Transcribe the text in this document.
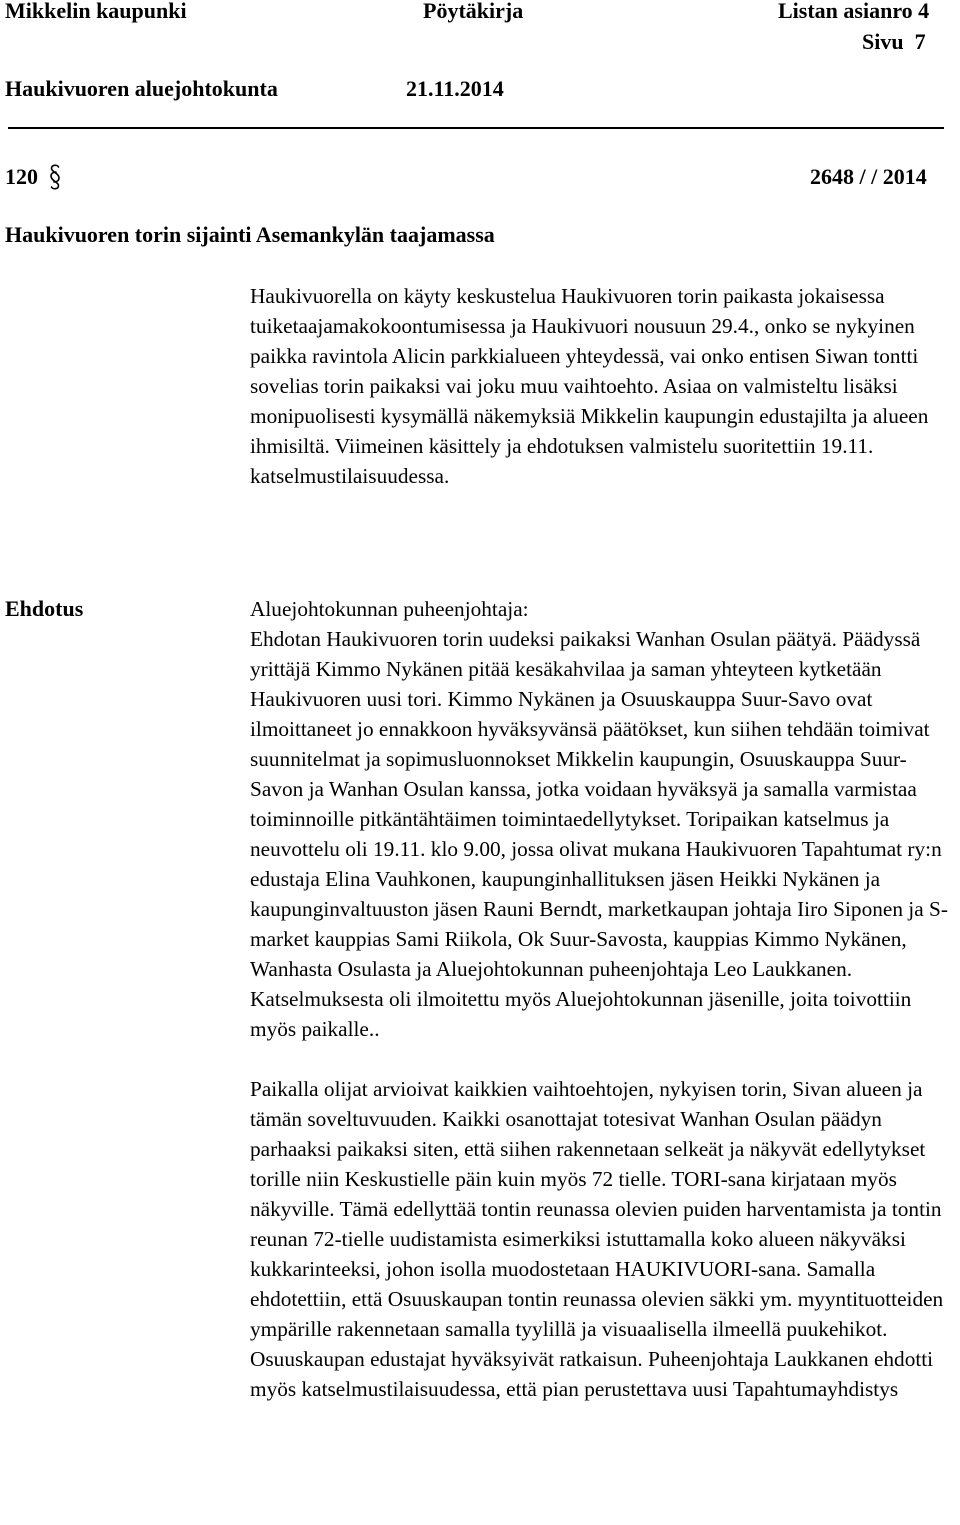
Mikkelin kaupunki	Pöytäkirja	Listan asianro 4
Sivu  7
Haukivuoren aluejohtokunta	21.11.2014
120	2648 / / 2014
Haukivuoren torin sijainti Asemankylän taajamassa

Haukivuorella on käyty keskustelua Haukivuoren torin paikasta jokaisessa tuiketaajamakokoontumisessa ja Haukivuori nousuun 29.4., onko se nykyinen paikka ravintola Alicin parkkialueen yhteydessä, vai onko entisen Siwan tontti sovelias torin paikaksi vai joku muu vaihtoehto. Asiaa on valmisteltu lisäksi monipuolisesti kysymällä näkemyksiä Mikkelin kaupungin edustajilta ja alueen ihmisiltä. Viimeinen käsittely ja ehdotuksen valmistelu suoritettiin 19.11. katselmustilaisuudessa.

Ehdotus	Aluejohtokunnan puheenjohtaja:

Ehdotan Haukivuoren torin uudeksi paikaksi Wanhan Osulan päätyä. Päädyssä yrittäjä Kimmo Nykänen pitää kesäkahvilaa ja saman yhteyteen kytketään Haukivuoren uusi tori. Kimmo Nykänen ja Osuuskauppa Suur-Savo ovat ilmoittaneet jo ennakkoon hyväksyvänsä päätökset, kun siihen tehdään toimivat suunnitelmat ja sopimusluonnokset Mikkelin kaupungin, Osuuskauppa Suur-Savon ja Wanhan Osulan kanssa, jotka voidaan hyväksyä ja samalla varmistaa toiminnoille pitkäntähtäimen toimintaedellytykset. Toripaikan katselmus ja neuvottelu oli 19.11. klo 9.00, jossa olivat mukana Haukivuoren Tapahtumat ry:n edustaja Elina Vauhkonen, kaupunginhallituksen jäsen Heikki Nykänen ja kaupunginvaltuuston jäsen Rauni Berndt, marketkaupan johtaja Iiro Siponen ja S-market kauppias Sami Riikola, Ok Suur-Savosta, kauppias Kimmo Nykänen, Wanhasta Osulasta ja Aluejohtokunnan puheenjohtaja Leo Laukkanen. Katselmuksesta oli ilmoitettu myös Aluejohtokunnan jäsenille, joita toivottiin myös paikalle..

Paikalla olijat arvioivat kaikkien vaihtoehtojen, nykyisen torin, Sivan alueen ja tämän soveltuvuuden. Kaikki osanottajat totesivat Wanhan Osulan päädyn parhaaksi paikaksi siten, että siihen rakennetaan selkeät ja näkyvät edellytykset torille niin Keskustielle päin kuin myös 72 tielle. TORI-sana kirjataan myös näkyville. Tämä edellyttää tontin reunassa olevien puiden harventamista ja tontin reunan 72-tielle uudistamista esimerkiksi istuttamalla koko alueen näkyväksi kukkarinteeksi, johon isolla muodostetaan HAUKIVUORI-sana. Samalla ehdotettiin, että Osuuskaupan tontin reunassa olevien säkki ym. myyntituotteiden ympärille rakennetaan samalla tyylillä ja visuaalisella ilmeellä puukehikot. Osuuskaupan edustajat hyväksyivät ratkaisun. Puheenjohtaja Laukkanen ehdotti myös katselmustilaisuudessa, että pian perustettava uusi Tapahtumayhdistys
